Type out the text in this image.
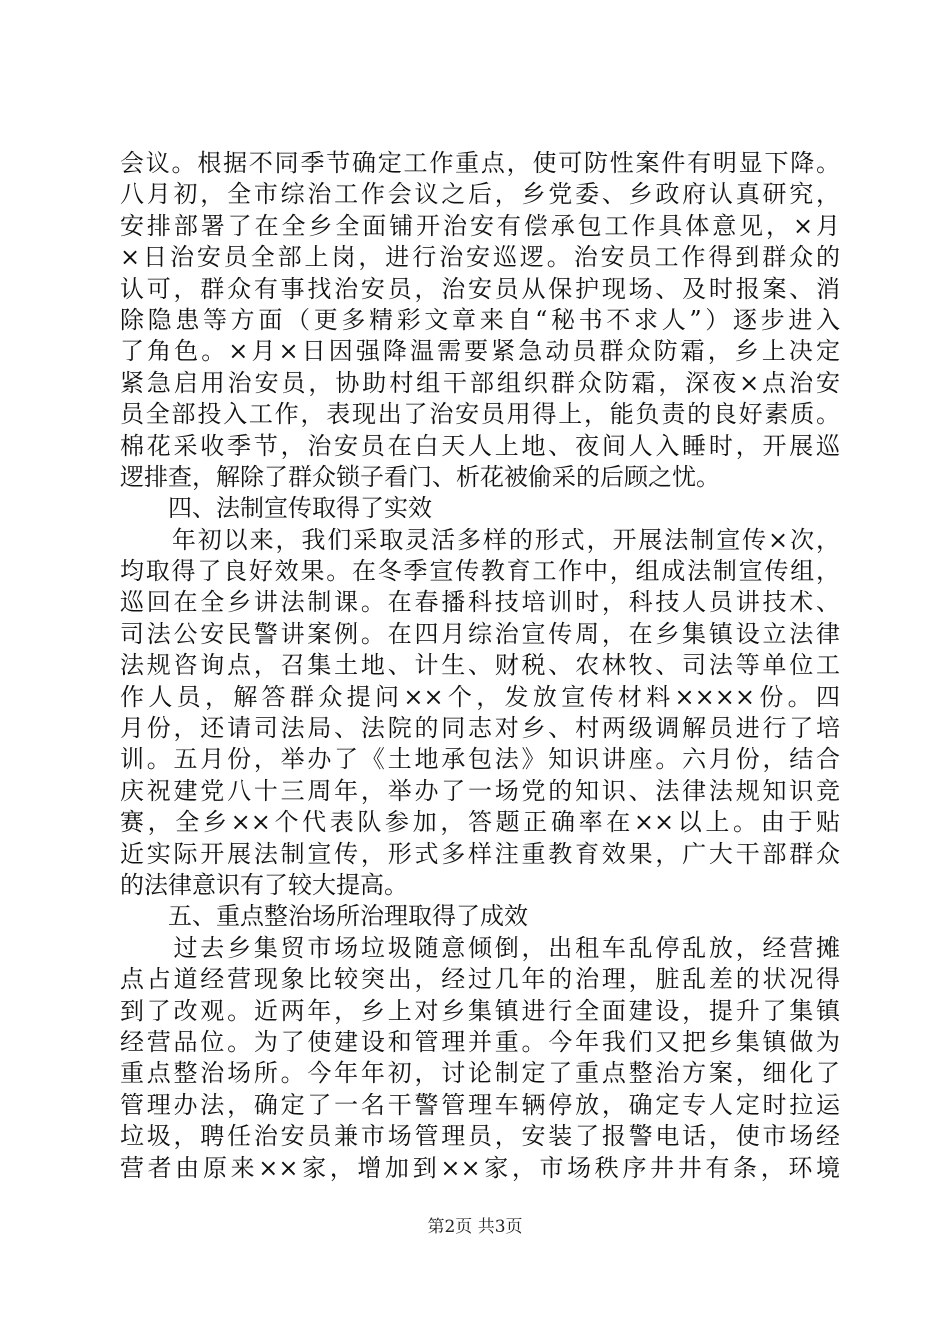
会议。根据不同季节确定工作重点，使可防性案件有明显下降。
八月初，全市综治工作会议之后，乡党委、乡政府认真研究，
安排部署了在全乡全面铺开治安有偿承包工作具体意见，×月
×日治安员全部上岗，进行治安巡逻。治安员工作得到群众的
认可，群众有事找治安员，治安员从保护现场、及时报案、消
除隐患等方面（更多精彩文章来自“秘书不求人”）逐步进入
了角色。×月×日因强降温需要紧急动员群众防霜，乡上决定
紧急启用治安员，协助村组干部组织群众防霜，深夜×点治安
员全部投入工作，表现出了治安员用得上，能负责的良好素质。
棉花采收季节，治安员在白天人上地、夜间人入睡时，开展巡
逻排查，解除了群众锁子看门、析花被偷采的后顾之忧。
　　四、法制宣传取得了实效
　　年初以来，我们采取灵活多样的形式，开展法制宣传×次，
均取得了良好效果。在冬季宣传教育工作中，组成法制宣传组，
巡回在全乡讲法制课。在春播科技培训时，科技人员讲技术、
司法公安民警讲案例。在四月综治宣传周，在乡集镇设立法律
法规咨询点，召集土地、计生、财税、农林牧、司法等单位工
作人员，解答群众提问××个，发放宣传材料××××份。四
月份，还请司法局、法院的同志对乡、村两级调解员进行了培
训。五月份，举办了《土地承包法》知识讲座。六月份，结合
庆祝建党八十三周年，举办了一场党的知识、法律法规知识竞
赛，全乡××个代表队参加，答题正确率在××以上。由于贴
近实际开展法制宣传，形式多样注重教育效果，广大干部群众
的法律意识有了较大提高。
　　五、重点整治场所治理取得了成效
　　过去乡集贸市场垃圾随意倾倒，出租车乱停乱放，经营摊
点占道经营现象比较突出，经过几年的治理，脏乱差的状况得
到了改观。近两年，乡上对乡集镇进行全面建设，提升了集镇
经营品位。为了使建设和管理并重。今年我们又把乡集镇做为
重点整治场所。今年年初，讨论制定了重点整治方案，细化了
管理办法，确定了一名干警管理车辆停放，确定专人定时拉运
垃圾，聘任治安员兼市场管理员，安装了报警电话，使市场经
营者由原来××家，增加到××家，市场秩序井井有条，环境
第2页 共3页
